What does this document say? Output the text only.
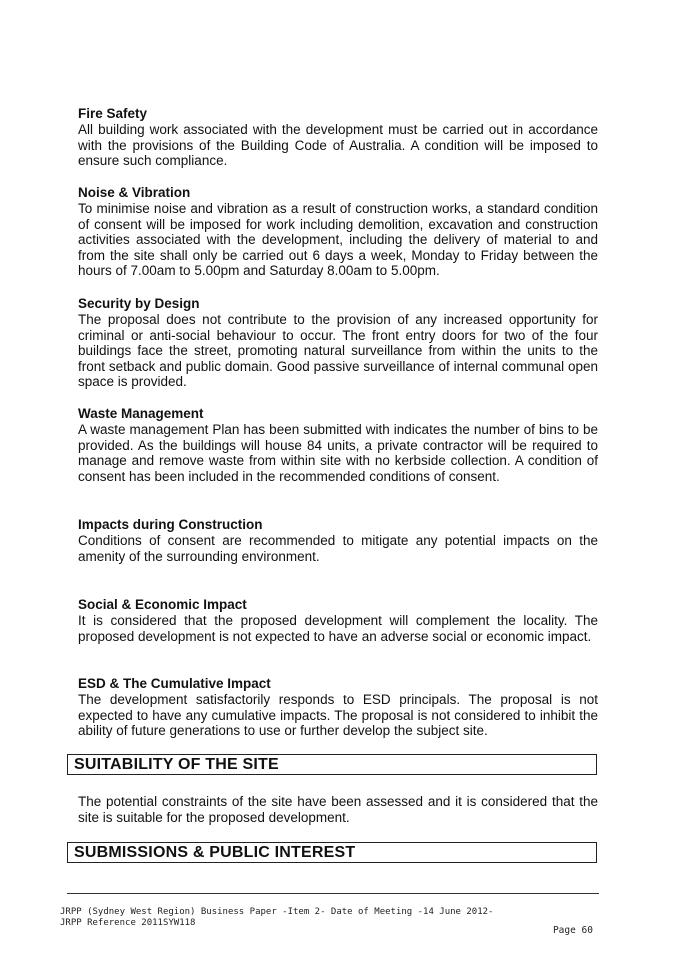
Fire Safety

All building work associated with the development must be carried out in accordance with the provisions of the Building Code of Australia. A condition will be imposed to ensure such compliance.

Noise & Vibration

To minimise noise and vibration as a result of construction works, a standard condition of consent will be imposed for work including demolition, excavation and construction activities associated with the development, including the delivery of material to and from the site shall only be carried out 6 days a week, Monday to Friday between the hours of 7.00am to 5.00pm and Saturday 8.00am to 5.00pm.

Security by Design

The proposal does not contribute to the provision of any increased opportunity for criminal or anti-social behaviour to occur. The front entry doors for two of the four buildings face the street, promoting natural surveillance from within the units to the front setback and public domain. Good passive surveillance of internal communal open space is provided.

Waste Management

A waste management Plan has been submitted with indicates the number of bins to be provided. As the buildings will house 84 units, a private contractor will be required to manage and remove waste from within site with no kerbside collection. A condition of consent has been included in the recommended conditions of consent.

Impacts during Construction

Conditions of consent are recommended to mitigate any potential impacts on the amenity of the surrounding environment.

Social & Economic Impact

It is considered that the proposed development will complement the locality. The proposed development is not expected to have an adverse social or economic impact.

ESD & The Cumulative Impact

The development satisfactorily responds to ESD principals. The proposal is not expected to have any cumulative impacts. The proposal is not considered to inhibit the ability of future generations to use or further develop the subject site.

SUITABILITY OF THE SITE

The potential constraints of the site have been assessed and it is considered that the site is suitable for the proposed development.

SUBMISSIONS & PUBLIC INTEREST
JRPP (Sydney West Region) Business Paper -Item 2- Date of Meeting -14 June 2012-
JRPP Reference 2011SYW118
Page 60
